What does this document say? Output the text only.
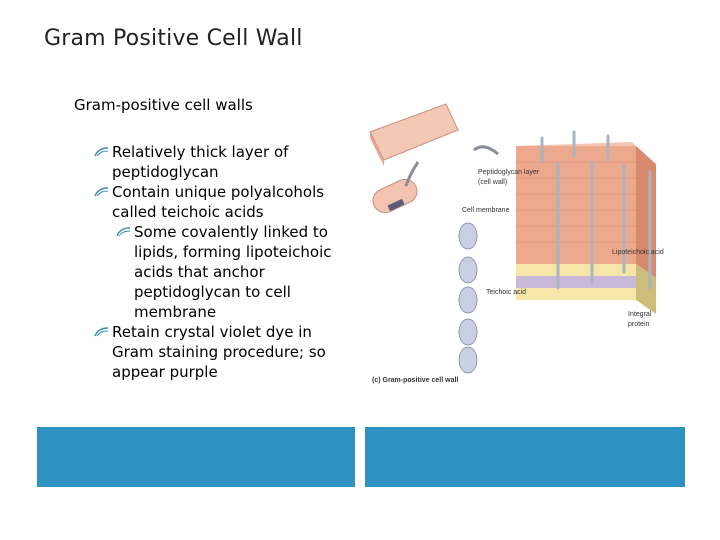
Gram Positive Cell Wall
Gram-positive cell walls
Relatively thick layer of peptidoglycan
Contain unique polyalcohols called teichoic acids
Some covalently linked to lipids, forming lipoteichoic acids that anchor peptidoglycan to cell membrane
Retain crystal violet dye in Gram staining procedure; so appear purple
Peptidoglycan layer
(cell wall)
Cell membrane
Lipoteichoic acid
Teichoic acid
Integral
protein
(c) Gram-positive cell wall
